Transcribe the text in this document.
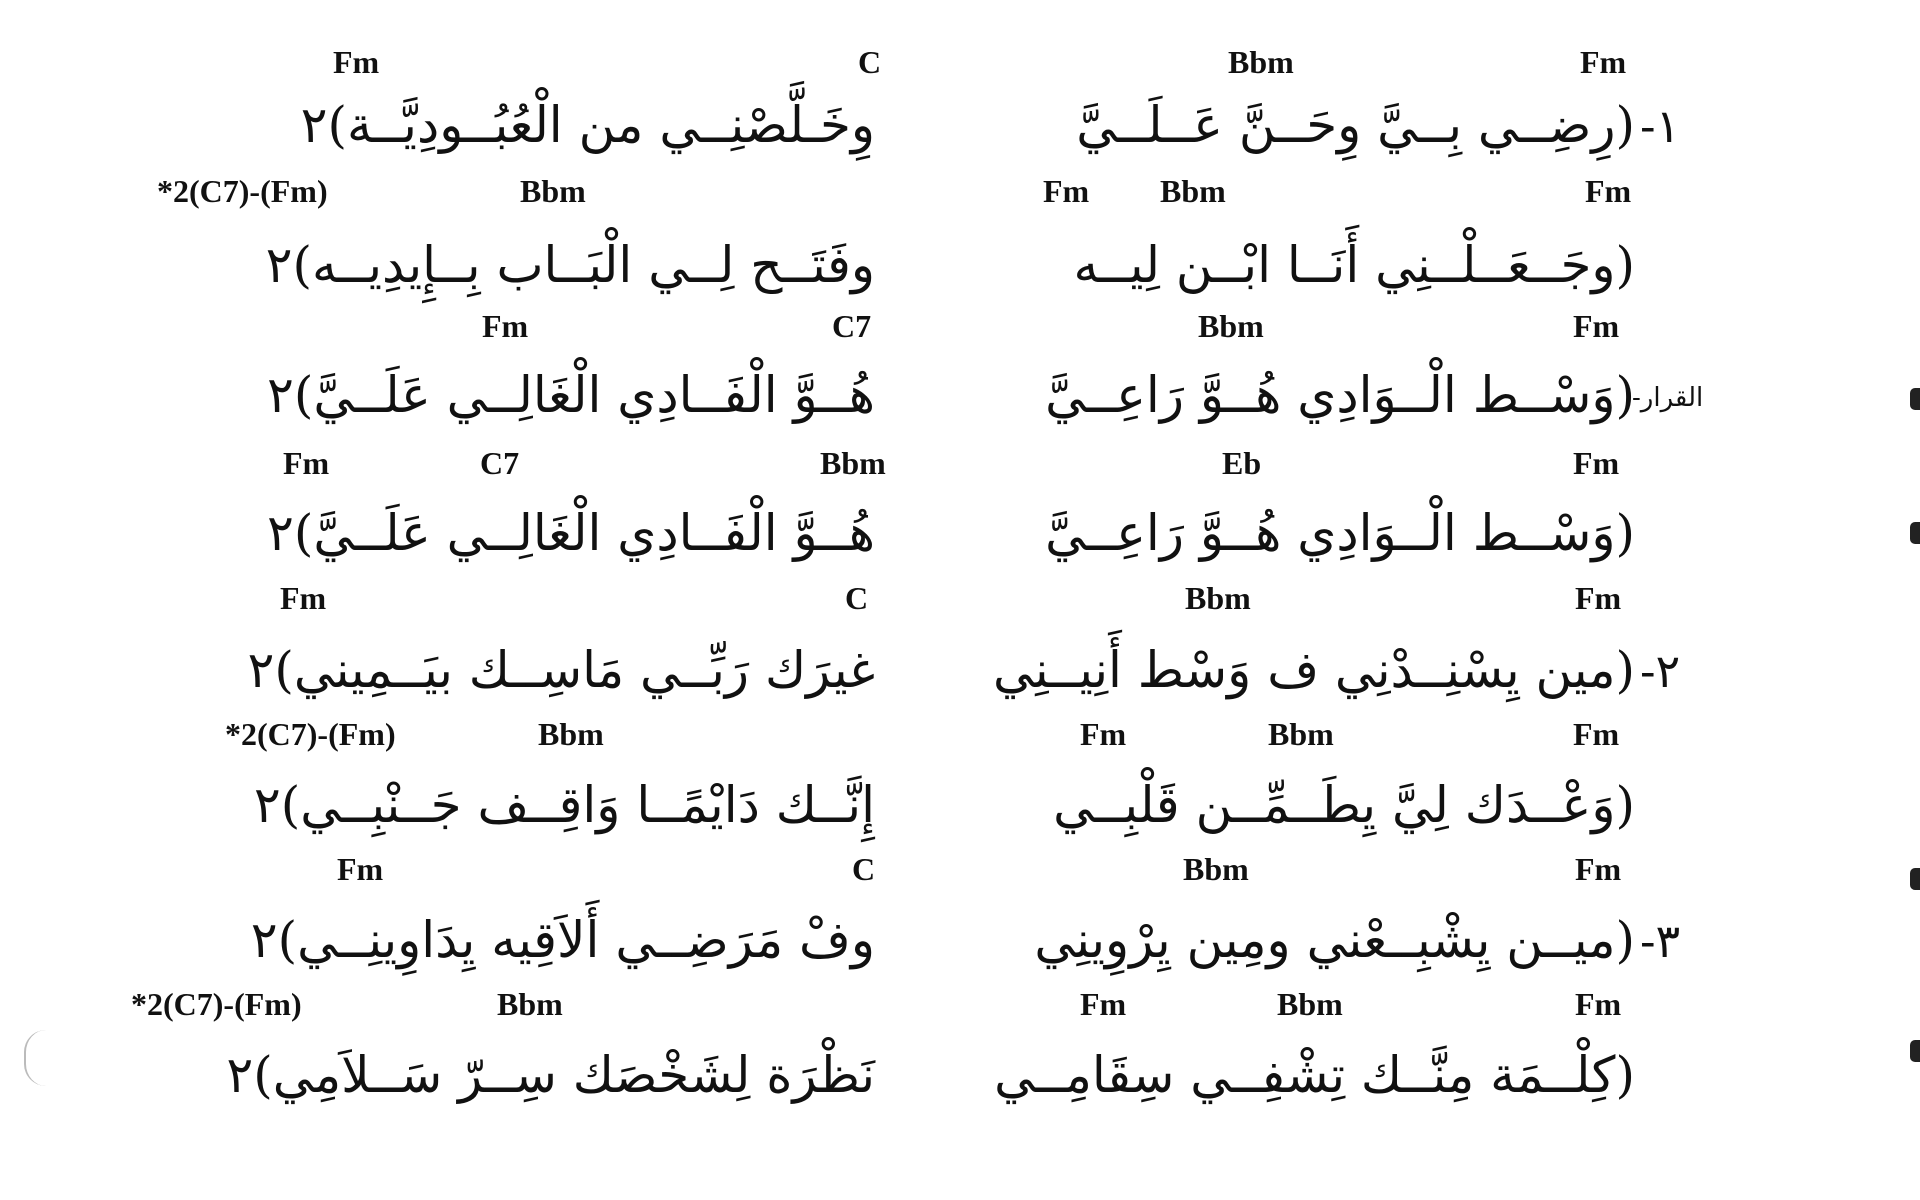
Fm	C	Bbm	Fm
وِخَـلَّصْنِــي من الْعُبُــودِيَّــة)٢	(رِضِــي بِــيَّ وِحَــنَّ عَــلَــيَّ ١-
*2(C7)-(Fm)	Bbm	Fm Bbm	Fm
وفَتَــح لِــي الْبَــاب بِــإِيدِيــه)٢	(وجَــعَــلْــنِي أَنَــا ابْــن لِيــه
Fm	C7	Bbm	Fm
هُــوَّ الْفَــادِي الْغَالِــي عَلَــيَّ)٢	(وَسْــط الْــوَادِي هُــوَّ رَاعِــيَّ
القرار-
Fm	C7	Bbm	Eb	Fm
هُــوَّ الْفَــادِي الْغَالِــي عَلَــيَّ)٢	(وَسْــط الْــوَادِي هُــوَّ رَاعِــيَّ
Fm	C	Bbm	Fm
غيرَك رَبِّــي مَاسِــك بيَــمِيني)٢	(مين يِسْنِــدْنِي ف وَسْط أَنِيــنِي ٢-
*2(C7)-(Fm)	Bbm	Fm	Bbm	Fm
إِنَّــك دَايْمًــا وَاقِــف جَــنْبِــي)٢	(وَعْــدَك لِيَّ يِطَــمِّــن قَلْبِــي
Fm	C	Bbm	Fm
وفْ مَرَضِــي أَلاَقِيه يِدَاوِينِــي)٢	(ميــن يِشْبِــعْني ومِين يِرْوِينِي ٣-
*2(C7)-(Fm)	Bbm	Fm	Bbm	Fm
نَظْرَة لِشَخْصَك سِــرّ سَــلاَمِي)٢	(كِلْــمَة مِنَّــك تِشْفِــي سِقَامِــي
